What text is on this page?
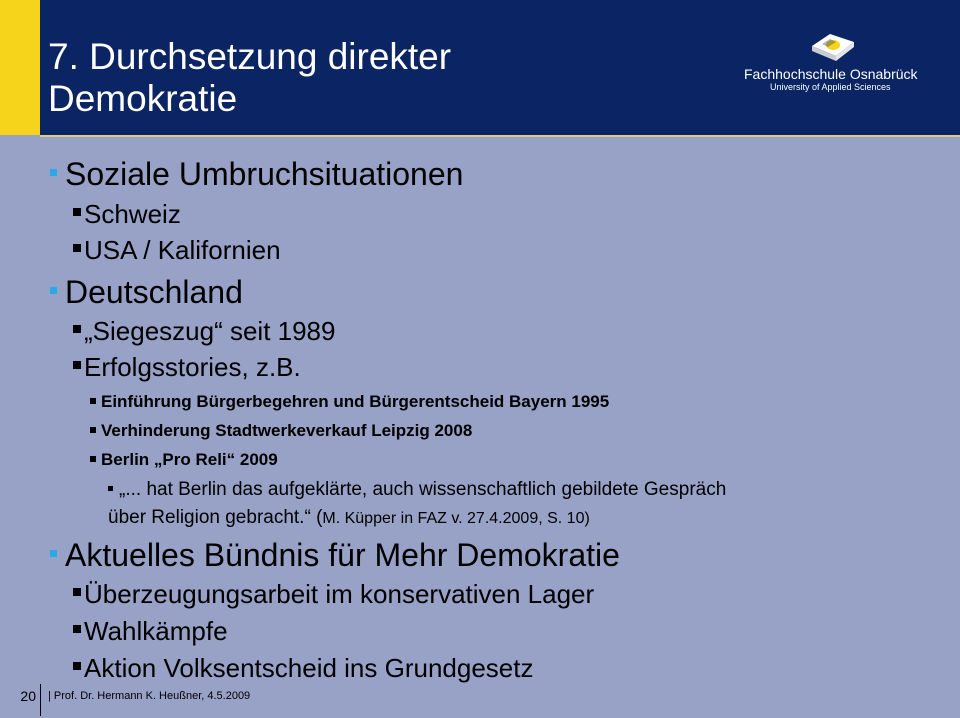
7. Durchsetzung direkter
Demokratie
Fachhochschule Osnabrück
University of Applied Sciences
Soziale Umbruchsituationen
Schweiz
USA / Kalifornien
Deutschland
„Siegeszug“ seit 1989
Erfolgsstories, z.B.
Einführung Bürgerbegehren und Bürgerentscheid Bayern 1995
Verhinderung Stadtwerkeverkauf Leipzig 2008
Berlin „Pro Reli“ 2009
„... hat Berlin das aufgeklärte, auch wissenschaftlich gebildete Gespräch
über Religion gebracht.“ (M. Küpper in FAZ v. 27.4.2009, S. 10)
Aktuelles Bündnis für Mehr Demokratie
Überzeugungsarbeit im konservativen Lager
Wahlkämpfe
Aktion Volksentscheid ins Grundgesetz
20 | Prof. Dr. Hermann K. Heußner, 4.5.2009
